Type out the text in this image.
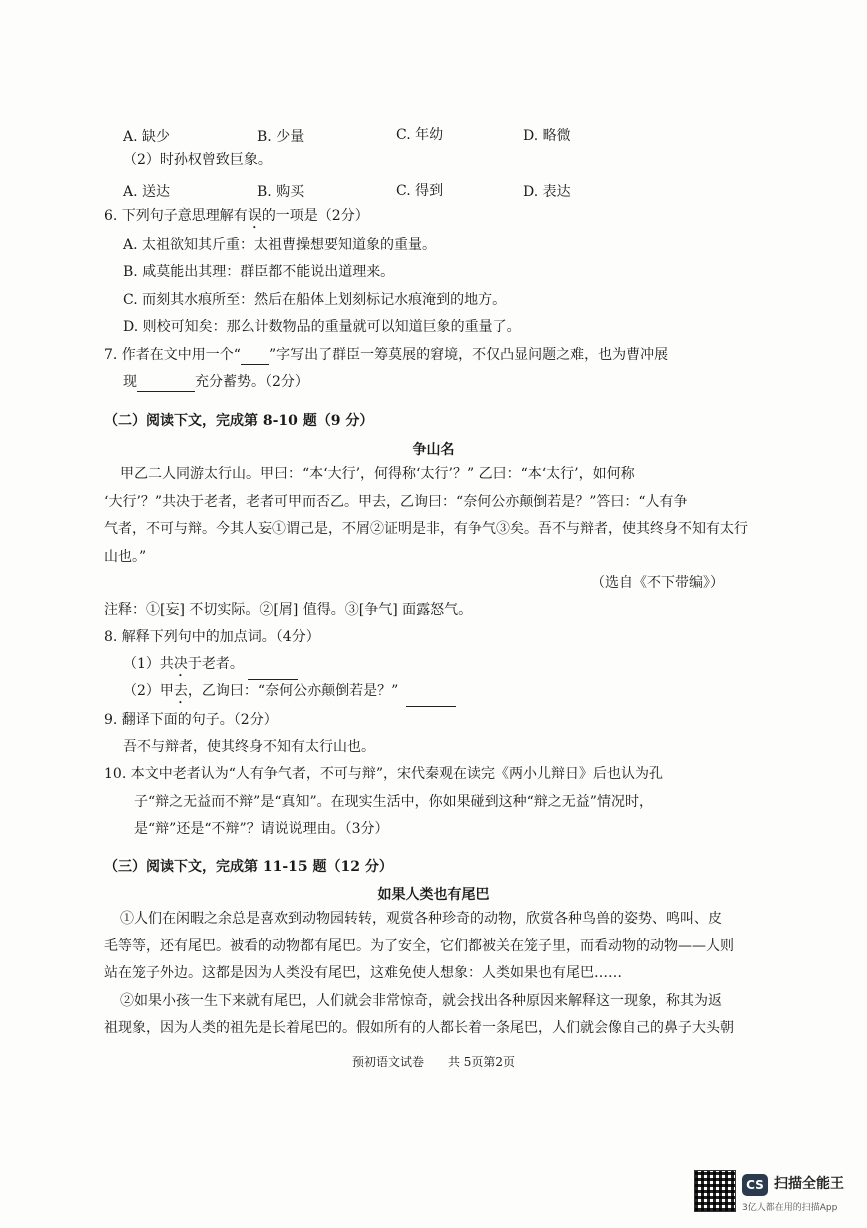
A. 缺少	B. 少量	C. 年幼	D. 略微
（2）时孙权曾致巨象。
A. 送达	B. 购买	C. 得到	D. 表达
6. 下列句子意思理解有误的一项是（2分）
A. 太祖欲知其斤重：太祖曹操想要知道象的重量。
B. 咸莫能出其理：群臣都不能说出道理来。
C. 而刻其水痕所至：然后在船体上划刻标记水痕淹到的地方。
D. 则校可知矣：那么计数物品的重量就可以知道巨象的重量了。
7. 作者在文中用一个“ ”字写出了群臣一筹莫展的窘境，不仅凸显问题之难，也为曹冲展
现	充分蓄势。（2分）
（二）阅读下文，完成第 8-10 题（9 分）
争山名
甲乙二人同游太行山。甲曰：“本‘大行’，何得称‘太行’？” 乙曰：“本‘太行’，如何称
‘大行’？”共决于老者，老者可甲而否乙。甲去，乙询曰：“奈何公亦颠倒若是？”答曰：“人有争
气者，不可与辩。今其人妄①谓己是，不屑②证明是非，有争气③矣。吾不与辩者，使其终身不知有太行
山也。”
（选自《不下带编》）
注释：①[妄] 不切实际。②[屑] 值得。③[争气] 面露怒气。
8. 解释下列句中的加点词。（4分）
（1）共决于老者。
（2）甲去，乙询曰：“奈何公亦颠倒若是？”
9. 翻译下面的句子。（2分）
吾不与辩者，使其终身不知有太行山也。
10. 本文中老者认为“人有争气者，不可与辩”，宋代秦观在读完《两小儿辩日》后也认为孔
子“辩之无益而不辩”是“真知”。在现实生活中，你如果碰到这种“辩之无益”情况时，
是“辩”还是“不辩”？请说说理由。（3分）
（三）阅读下文，完成第 11-15 题（12 分）
如果人类也有尾巴
①人们在闲暇之余总是喜欢到动物园转转，观赏各种珍奇的动物，欣赏各种鸟兽的姿势、鸣叫、皮
毛等等，还有尾巴。被看的动物都有尾巴。为了安全，它们都被关在笼子里，而看动物的动物——人则
站在笼子外边。这都是因为人类没有尾巴，这难免使人想象：人类如果也有尾巴……
②如果小孩一生下来就有尾巴，人们就会非常惊奇，就会找出各种原因来解释这一现象，称其为返
祖现象，因为人类的祖先是长着尾巴的。假如所有的人都长着一条尾巴，人们就会像自己的鼻子大头朝
预初语文试卷　　共 5页第2页
CS 扫描全能王
3亿人都在用的扫描App
